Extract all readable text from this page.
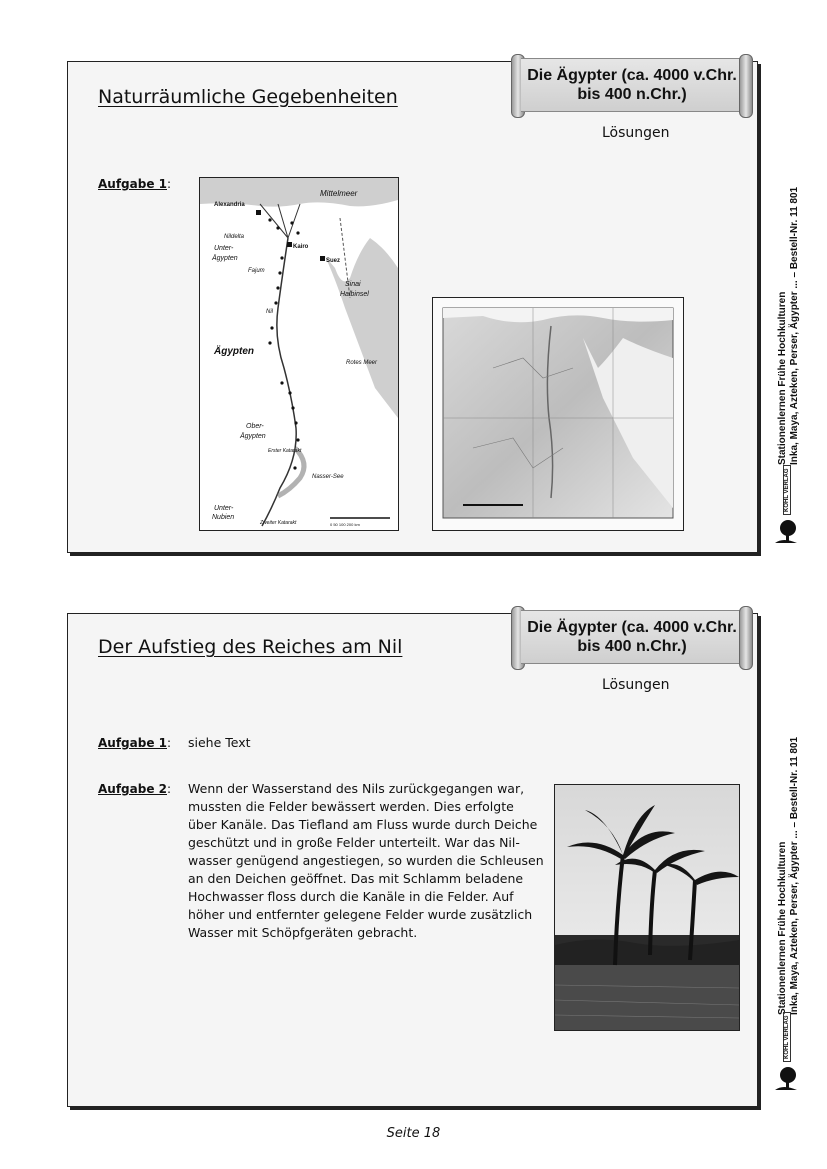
Naturräumliche Gegebenheiten
Die Ägypter (ca. 4000 v.Chr.
bis 400 n.Chr.)
Lösungen
Aufgabe 1:
Mittelmeer
Alexandria
Kairo
Suez
Unter-
Ägypten
Nildelta
Fajum
Sinai
Halbinsel
Nil
Ägypten
Rotes Meer
Ober-
Ägypten
Erster Katarakt
Nasser-See
Unter-
Nubien
Zweiter Katarakt	0 50 100 200 km
Der Aufstieg des Reiches am Nil
Die Ägypter (ca. 4000 v.Chr.
bis 400 n.Chr.)
Lösungen
Aufgabe 1: siehe Text
Aufgabe 2: Wenn der Wasserstand des Nils zurückgegangen war,
mussten die Felder bewässert werden. Dies erfolgte
über Kanäle. Das Tiefland am Fluss wurde durch Deiche
geschützt und in große Felder unterteilt. War das Nil-
wasser genügend angestiegen, so wurden die Schleusen
an den Deichen geöffnet. Das mit Schlamm beladene
Hochwasser floss durch die Kanäle in die Felder. Auf
höher und entfernter gelegene Felder wurde zusätzlich
Wasser mit Schöpfgeräten gebracht.
Stationenlernen Frühe Hochkulturen Inka, Maya, Azteken, Perser, Ägypter ... – Bestell-Nr. 11 801
KOHL VERLAG
Stationenlernen Frühe Hochkulturen Inka, Maya, Azteken, Perser, Ägypter ... – Bestell-Nr. 11 801
KOHL VERLAG
Seite 18
